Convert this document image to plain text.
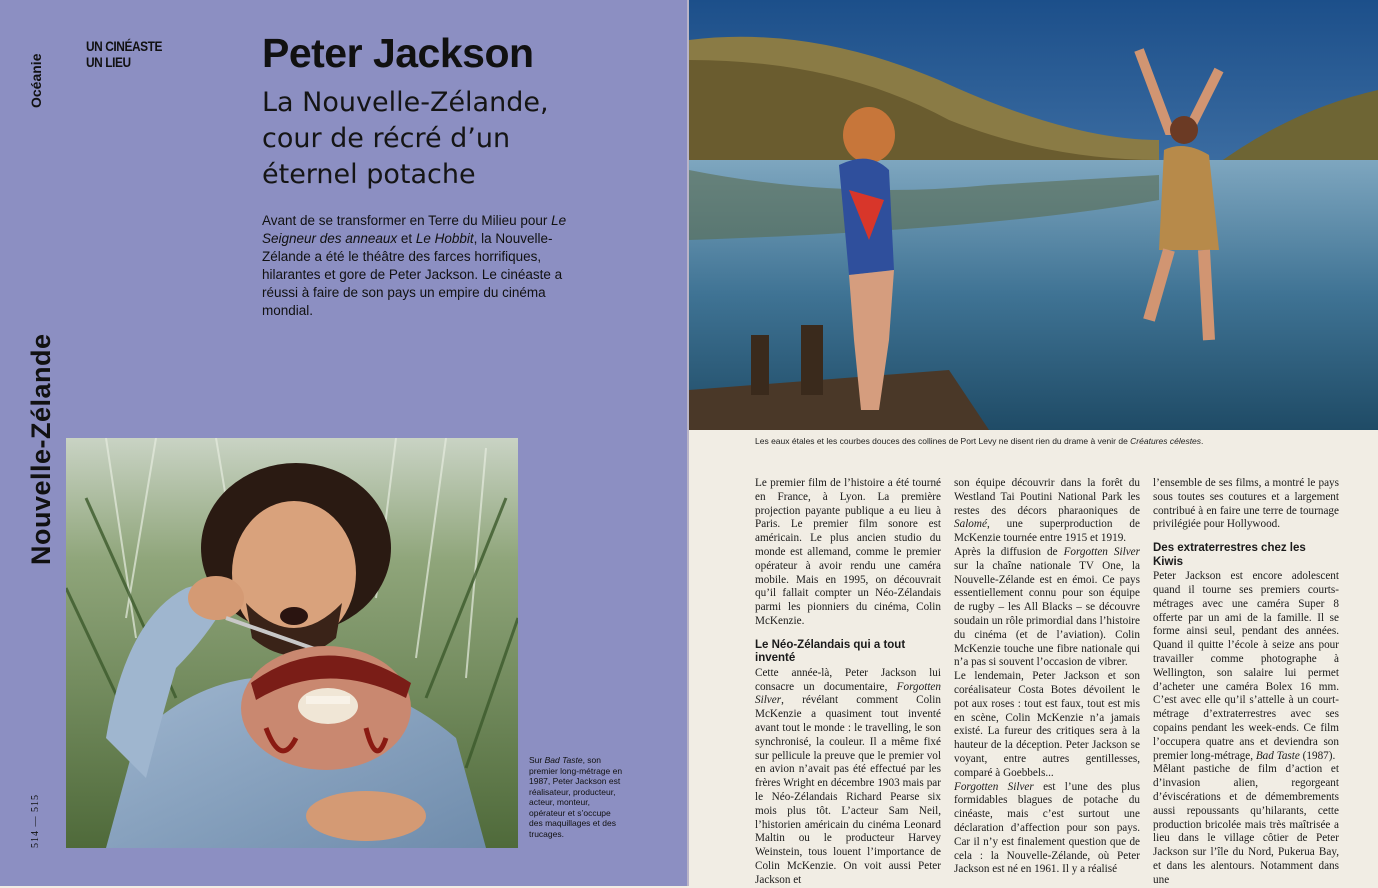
Océanie
Nouvelle-Zélande
514 — 515
UN CINÉASTE
UN LIEU	Peter Jackson
La Nouvelle-Zélande, cour de récré d’un éternel potache
Avant de se transformer en Terre du Milieu pour Le Seigneur des anneaux et Le Hobbit, la Nouvelle-Zélande a été le théâtre des farces horrifiques, hilarantes et gore de Peter Jackson. Le cinéaste a réussi à faire de son pays un empire du cinéma mondial.
Sur Bad Taste, son premier long-métrage en 1987, Peter Jackson est réalisateur, producteur, acteur, monteur, opérateur et s’occupe des maquillages et des trucages.
Les eaux étales et les courbes douces des collines de Port Levy ne disent rien du drame à venir de Créatures célestes.

Le premier film de l’histoire a été tourné en France, à Lyon. La première projection payante publique a eu lieu à Paris. Le premier film sonore est américain. Le plus ancien studio du monde est allemand, comme le premier opérateur à avoir rendu une caméra mobile. Mais en 1995, on découvrait qu’il fallait compter un Néo-Zélandais parmi les pionniers du cinéma, Colin McKenzie.

Le Néo-Zélandais qui a tout inventé

Cette année-là, Peter Jackson lui consacre un documentaire, Forgotten Silver, révélant comment Colin McKenzie a quasiment tout inventé avant tout le monde : le travelling, le son synchronisé, la couleur. Il a même fixé sur pellicule la preuve que le premier vol en avion n’avait pas été effectué par les frères Wright en décembre 1903 mais par le Néo-Zélandais Richard Pearse six mois plus tôt. L’acteur Sam Neil, l’historien américain du cinéma Leonard Maltin ou le producteur Harvey Weinstein, tous louent l’importance de Colin McKenzie. On voit aussi Peter Jackson et

son équipe découvrir dans la forêt du Westland Tai Poutini National Park les restes des décors pharaoniques de Salomé, une superproduction de McKenzie tournée entre 1915 et 1919.

Après la diffusion de Forgotten Silver sur la chaîne nationale TV One, la Nouvelle-Zélande est en émoi. Ce pays essentiellement connu pour son équipe de rugby – les All Blacks – se découvre soudain un rôle primordial dans l’histoire du cinéma (et de l’aviation). Colin McKenzie touche une fibre nationale qui n’a pas si souvent l’occasion de vibrer.

Le lendemain, Peter Jackson et son coréalisateur Costa Botes dévoilent le pot aux roses : tout est faux, tout est mis en scène, Colin McKenzie n’a jamais existé. La fureur des critiques sera à la hauteur de la déception. Peter Jackson se voyant, entre autres gentillesses, comparé à Goebbels...

Forgotten Silver est l’une des plus formidables blagues de potache du cinéaste, mais c’est surtout une déclaration d’affection pour son pays. Car il n’y est finalement question que de cela : la Nouvelle-Zélande, où Peter Jackson est né en 1961. Il y a réalisé

l’ensemble de ses films, a montré le pays sous toutes ses coutures et a largement contribué à en faire une terre de tournage privilégiée pour Hollywood.

Des extraterrestres chez les Kiwis

Peter Jackson est encore adolescent quand il tourne ses premiers courts-métrages avec une caméra Super 8 offerte par un ami de la famille. Il se forme ainsi seul, pendant des années. Quand il quitte l’école à seize ans pour travailler comme photographe à Wellington, son salaire lui permet d’acheter une caméra Bolex 16 mm. C’est avec elle qu’il s’attelle à un court-métrage d’extraterrestres avec ses copains pendant les week-ends. Ce film l’occupera quatre ans et deviendra son premier long-métrage, Bad Taste (1987).

Mêlant pastiche de film d’action et d’invasion alien, regorgeant d’éviscérations et de démembrements aussi repoussants qu’hilarants, cette production bricolée mais très maîtrisée a lieu dans le village côtier de Peter Jackson sur l’île du Nord, Pukerua Bay, et dans les alentours. Notamment dans une
